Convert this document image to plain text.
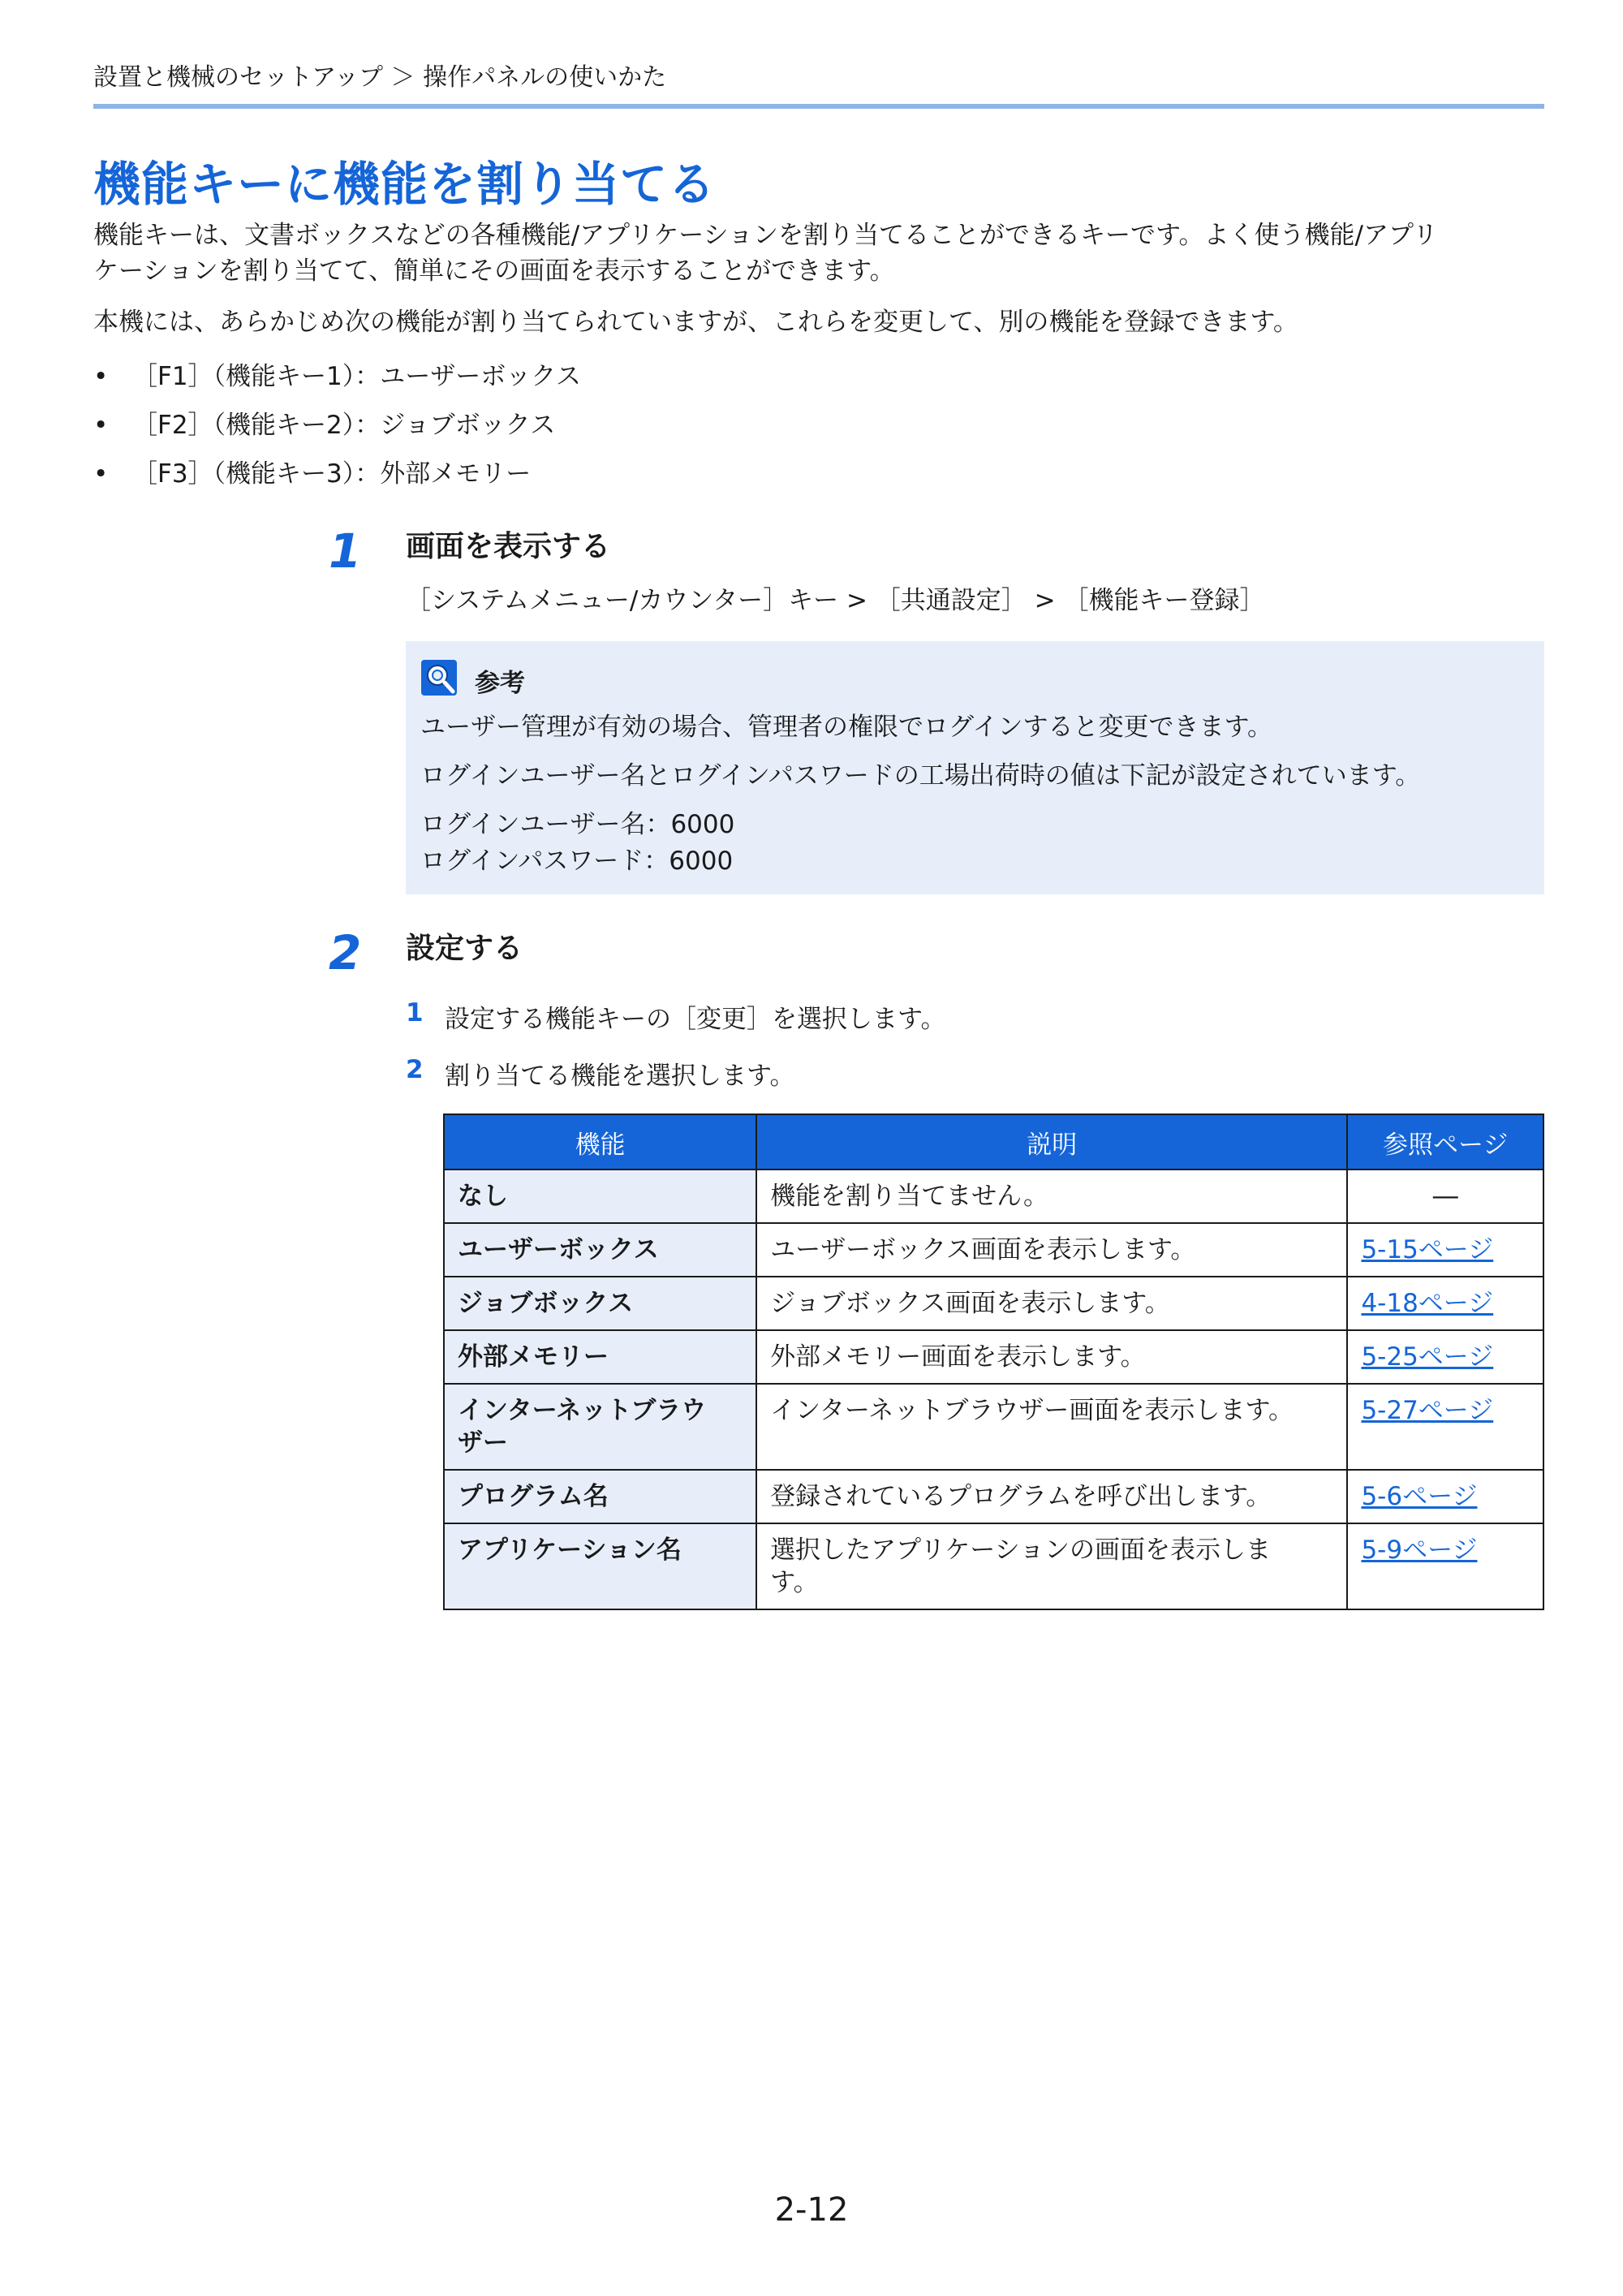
設置と機械のセットアップ ＞ 操作パネルの使いかた
機能キーに機能を割り当てる
機能キーは、文書ボックスなどの各種機能/アプリケーションを割り当てることができるキーです。よく使う機能/アプリ
ケーションを割り当てて、簡単にその画面を表示することができます。
本機には、あらかじめ次の機能が割り当てられていますが、これらを変更して、別の機能を登録できます。
• ［F1］（機能キー1）：ユーザーボックス
• ［F2］（機能キー2）：ジョブボックス
• ［F3］（機能キー3）：外部メモリー
1 画面を表示する
［システムメニュー/カウンター］キー > ［共通設定］ > ［機能キー登録］
参考
ユーザー管理が有効の場合、管理者の権限でログインすると変更できます。
ログインユーザー名とログインパスワードの工場出荷時の値は下記が設定されています。
ログインユーザー名：6000
ログインパスワード：6000
2 設定する
1 設定する機能キーの［変更］を選択します。
2 割り当てる機能を選択します。
機能	説明	参照ページ
なし	機能を割り当てません。	―
ユーザーボックス	ユーザーボックス画面を表示します。	5-15ページ
ジョブボックス	ジョブボックス画面を表示します。	4-18ページ
外部メモリー	外部メモリー画面を表示します。	5-25ページ
インターネットブラウ
ザー	インターネットブラウザー画面を表示します。	5-27ページ
プログラム名	登録されているプログラムを呼び出します。	5-6ページ
アプリケーション名	選択したアプリケーションの画面を表示しま
す。	5-9ページ
2-12
